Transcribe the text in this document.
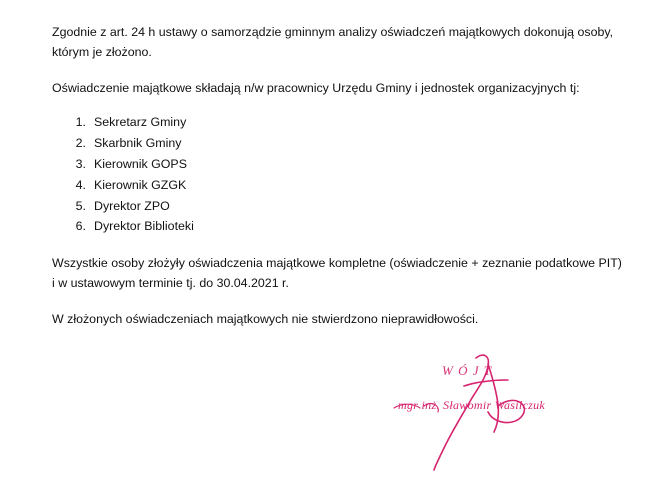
Zgodnie z art. 24 h ustawy o samorządzie gminnym analizy oświadczeń majątkowych dokonują osoby, którym je złożono.

Oświadczenie majątkowe składają n/w pracownicy Urzędu Gminy i jednostek organizacyjnych tj:

Sekretarz Gminy
Skarbnik Gminy
Kierownik GOPS
Kierownik GZGK
Dyrektor ZPO
Dyrektor Biblioteki

Wszystkie osoby złożyły oświadczenia majątkowe kompletne (oświadczenie + zeznanie podatkowe PIT) i w ustawowym terminie tj. do 30.04.2021 r.

W złożonych oświadczeniach majątkowych nie stwierdzono nieprawidłowości.

W Ó J T
mgr inż. Sławomir Wasilczuk
